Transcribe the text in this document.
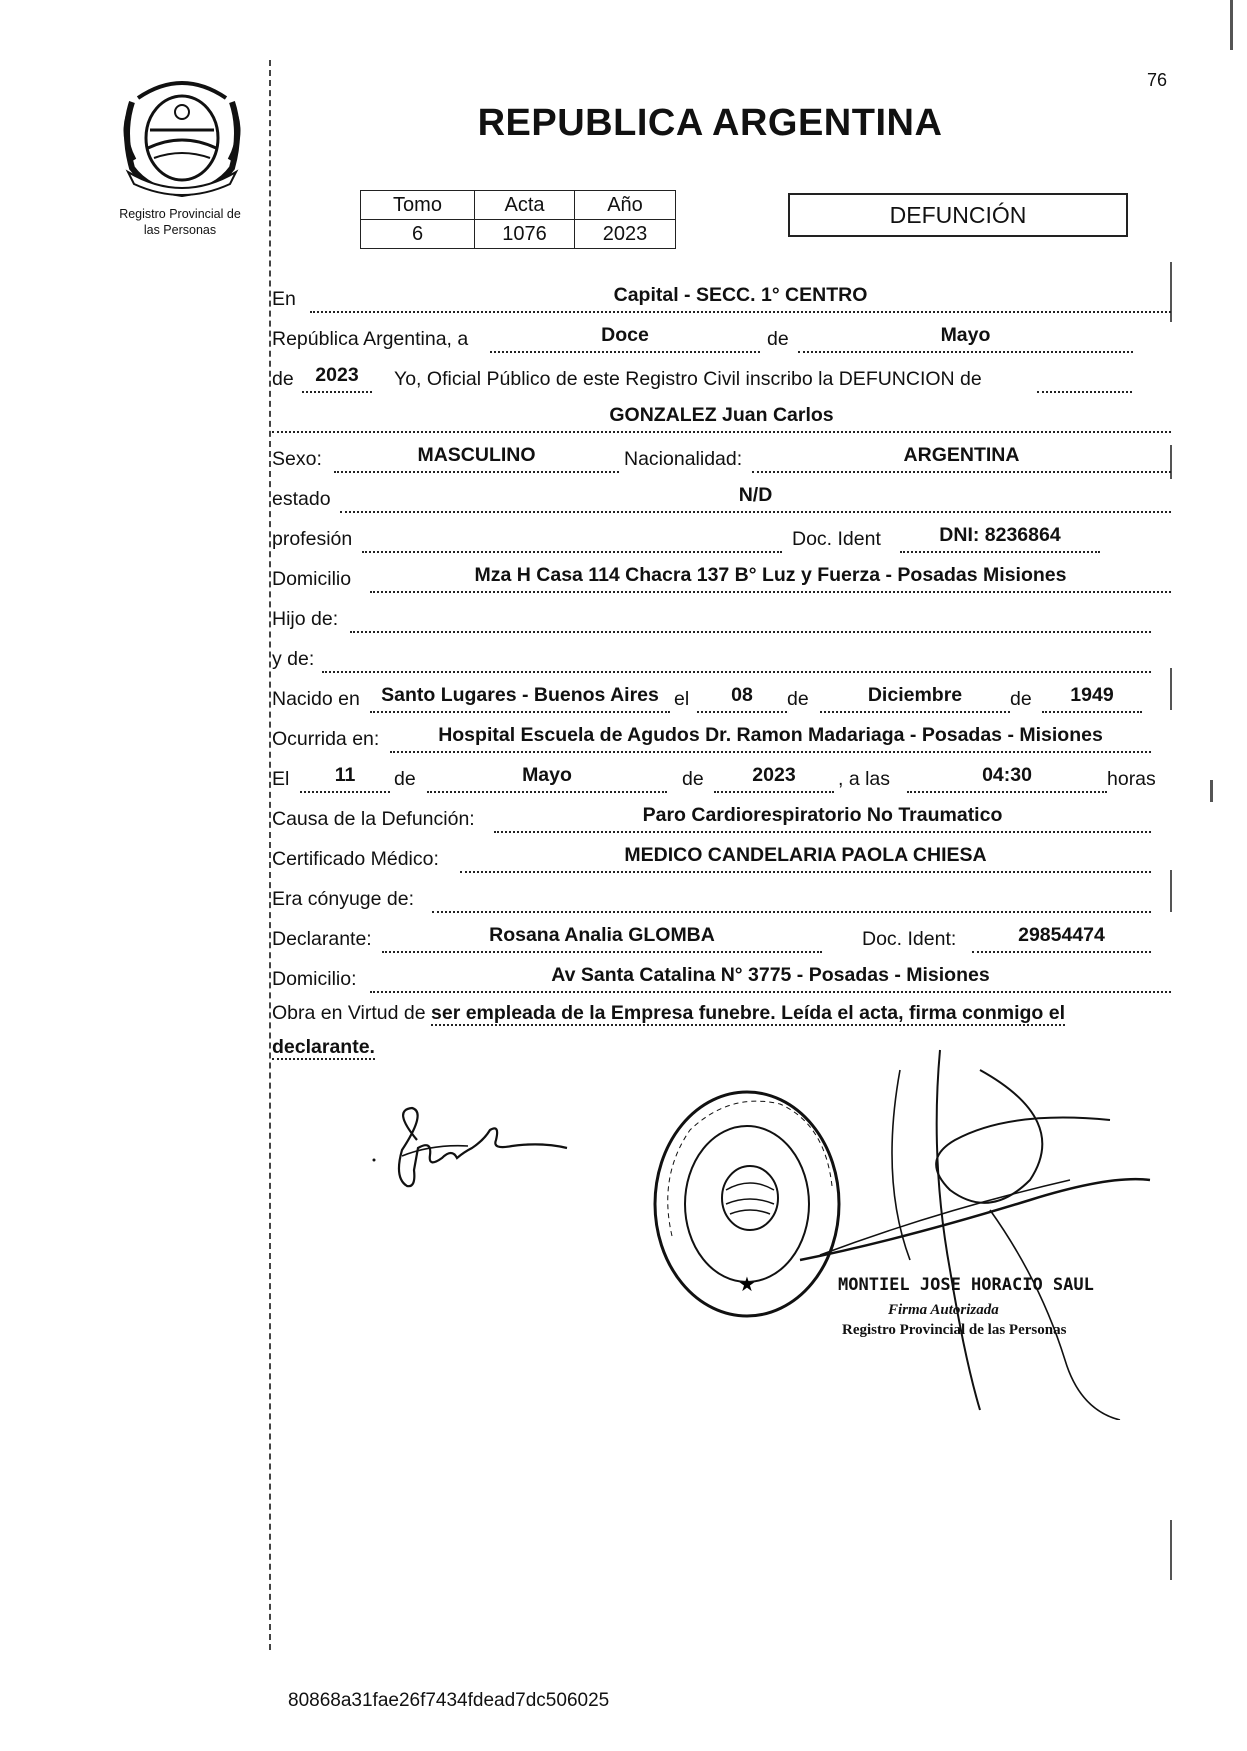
Registro Provincial de
las Personas
76
REPUBLICA ARGENTINA
Tomo	Acta	Año
6	1076	2023
DEFUNCIÓN
En	Capital - SECC. 1° CENTRO
República Argentina, a	Doce	de	Mayo
de	2023	Yo, Oficial Público de este Registro Civil inscribo la DEFUNCION de
GONZALEZ Juan Carlos
Sexo:	MASCULINO	Nacionalidad:	ARGENTINA
estado	N/D
profesión	Doc. Ident	DNI: 8236864
Domicilio	Mza H Casa 114 Chacra 137 B° Luz y Fuerza - Posadas Misiones
Hijo de:
y de:
Nacido en	Santo Lugares - Buenos Aires el	08	de	Diciembre	de	1949
Ocurrida en:	Hospital Escuela de Agudos Dr. Ramon Madariaga - Posadas - Misiones
El	11	de	Mayo	de	2023	, a las	04:30	horas
Causa de la Defunción:	Paro Cardiorespiratorio No Traumatico
Certificado Médico:	MEDICO CANDELARIA PAOLA CHIESA
Era cónyuge de:
Declarante:	Rosana Analia GLOMBA	Doc. Ident:	29854474
Domicilio:	Av Santa Catalina N° 3775 - Posadas - Misiones
Obra en Virtud de ser empleada de la Empresa funebre. Leída el acta, firma conmigo el declarante.
★	MONTIEL JOSE HORACIO SAUL
Firma Autorizada
Registro Provincial de las Personas
80868a31fae26f7434fdead7dc506025
